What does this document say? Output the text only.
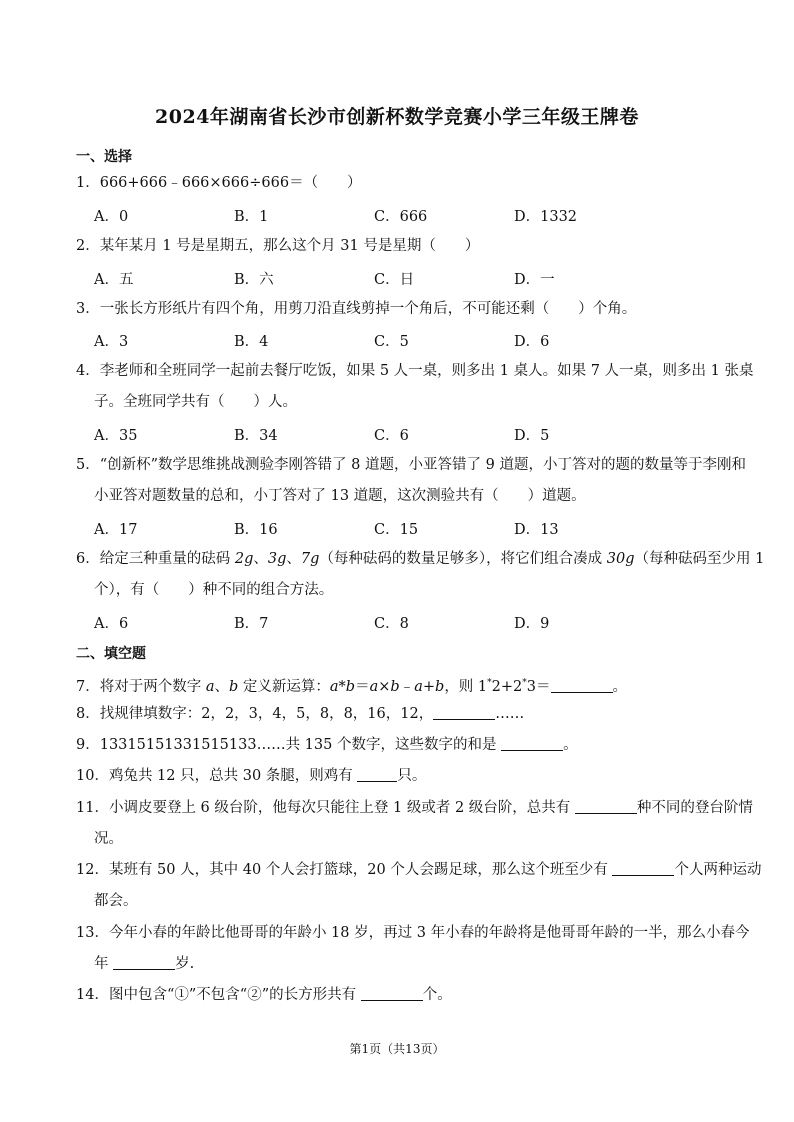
2024年湖南省长沙市创新杯数学竞赛小学三年级王牌卷
一、选择
1．666+666﹣666×666÷666＝（　　）
A．0	B．1	C．666	D．1332
2．某年某月 1 号是星期五，那么这个月 31 号是星期（　　）
A．五	B．六	C．日	D．一
3．一张长方形纸片有四个角，用剪刀沿直线剪掉一个角后，不可能还剩（　　）个角。
A．3	B．4	C．5	D．6
4．李老师和全班同学一起前去餐厅吃饭，如果 5 人一桌，则多出 1 桌人。如果 7 人一桌，则多出 1 张桌
子。全班同学共有（　　）人。
A．35	B．34	C．6	D．5
5．“创新杯”数学思维挑战测验李刚答错了 8 道题，小亚答错了 9 道题，小丁答对的题的数量等于李刚和
小亚答对题数量的总和，小丁答对了 13 道题，这次测验共有（　　）道题。
A．17	B．16	C．15	D．13
6．给定三种重量的砝码 2g、3g、7g（每种砝码的数量足够多），将它们组合凑成 30g（每种砝码至少用 1
个），有（　　）种不同的组合方法。
A．6	B．7	C．8	D．9
二、填空题
7．将对于两个数字 a、b 定义新运算：a*b＝a×b﹣a+b，则 1*2+2*3＝	。
8．找规律填数字：2，2，3，4，5，8，8，16，12，	……
9．13315151331515133……共 135 个数字，这些数字的和是	。
10．鸡兔共 12 只，总共 30 条腿，则鸡有	只。
11．小调皮要登上 6 级台阶，他每次只能往上登 1 级或者 2 级台阶，总共有	种不同的登台阶情
况。
12．某班有 50 人，其中 40 个人会打篮球，20 个人会踢足球，那么这个班至少有	个人两种运动
都会。
13．今年小春的年龄比他哥哥的年龄小 18 岁，再过 3 年小春的年龄将是他哥哥年龄的一半，那么小春今
年	岁.
14．图中包含“①”不包含“②”的长方形共有	个。
第1页（共13页）
